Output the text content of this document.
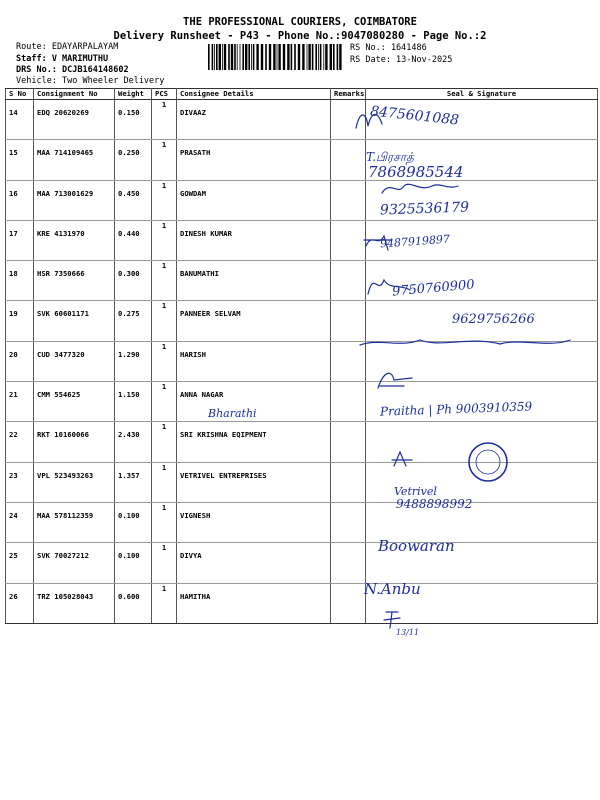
THE PROFESSIONAL COURIERS, COIMBATORE
Delivery Runsheet - P43 - Phone No.:9047080280 - Page No.:2
Route: EDAYARPALAYAM
Staff: V MARIMUTHU
DRS No.: DCJB164148602
Vehicle: Two Wheeler Delivery
RS No.: 1641486
RS Date: 13-Nov-2025
S No	Consignment No	Weight	PCS	Consignee Details	Remarks	Seal & Signature
14	EDQ 20620269	0.150	1	DIVAAZ		
15	MAA 714109465	0.250	1	PRASATH		
16	MAA 713001629	0.450	1	GOWDAM		
17	KRE 4131970	0.440	1	DINESH KUMAR		
18	HSR 7350666	0.300	1	BANUMATHI		
19	SVK 60601171	0.275	1	PANNEER SELVAM		
20	CUD 3477320	1.290	1	HARISH		
21	CMM 554625	1.150	1	ANNA NAGAR		
22	RKT 10160066	2.430	1	SRI KRISHNA EQIPMENT		
23	VPL 523493263	1.357	1	VETRIVEL ENTREPRISES		
24	MAA 578112359	0.100	1	VIGNESH		
25	SVK 70027212	0.100	1	DIVYA		
26	TRZ 105028043	0.600	1	HAMITHA		
8475601088
T.பிரசாத்
7868985544
9325536179
9487919897
9750760900
9629756266
Bharathi	Praitha | Ph 9003910359
Vetrivel
9488898992
Boowaran
N.Anbu
13/11
